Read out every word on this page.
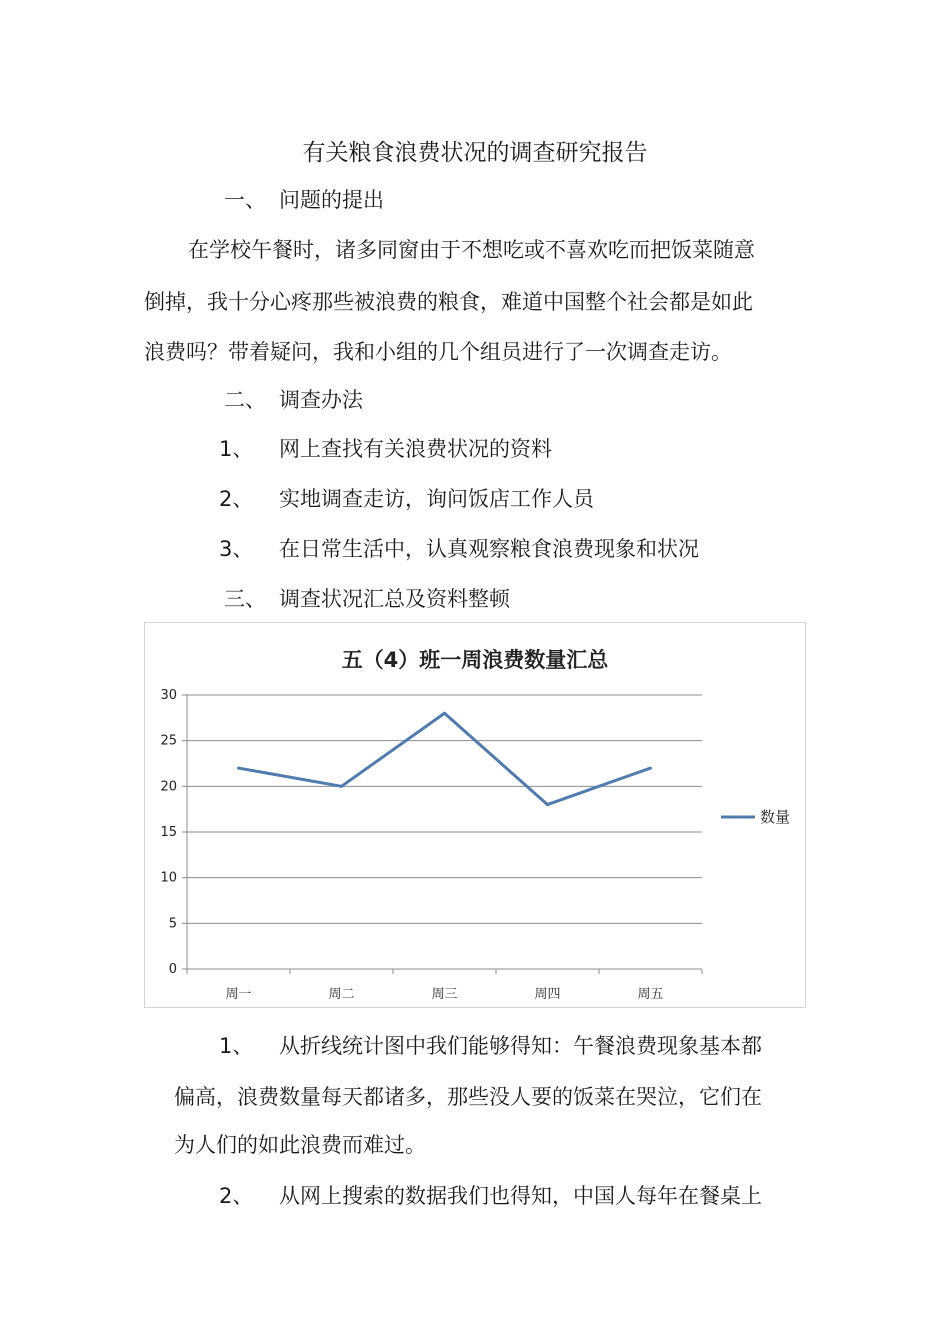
有关粮食浪费状况的调查研究报告
一、 问题的提出
在学校午餐时，诸多同窗由于不想吃或不喜欢吃而把饭菜随意
倒掉，我十分心疼那些被浪费的粮食，难道中国整个社会都是如此
浪费吗？带着疑问，我和小组的几个组员进行了一次调查走访。
二、 调查办法
1、 网上查找有关浪费状况的资料
2、 实地调查走访，询问饭店工作人员
3、 在日常生活中，认真观察粮食浪费现象和状况
三、 调查状况汇总及资料整顿
五（4）班一周浪费数量汇总
0
5
10
15
20
25
30
周一	周二	周三	周四	周五
数量
1、 从折线统计图中我们能够得知：午餐浪费现象基本都
偏高，浪费数量每天都诸多，那些没人要的饭菜在哭泣，它们在
为人们的如此浪费而难过。
2、 从网上搜索的数据我们也得知，中国人每年在餐桌上
